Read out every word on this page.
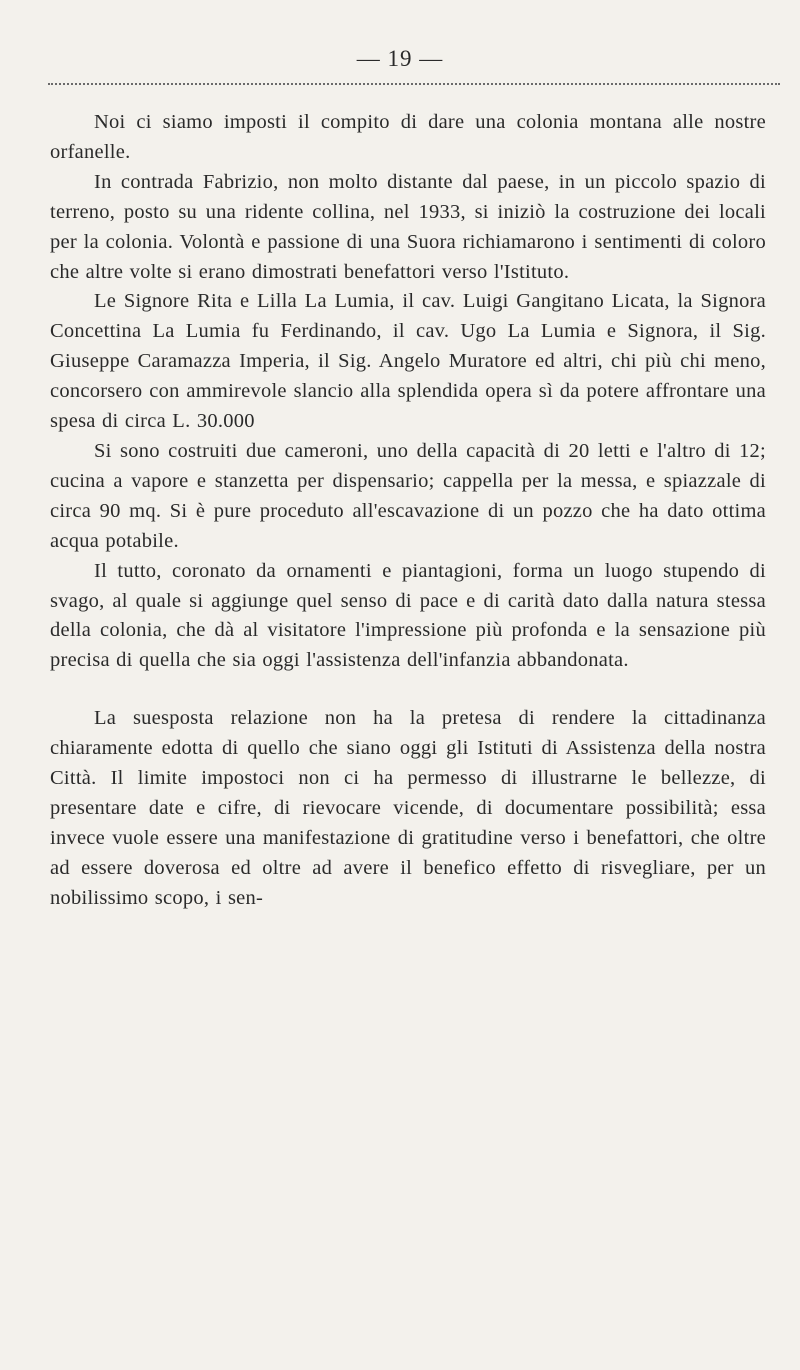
— 19 —

Noi ci siamo imposti il compito di dare una colonia montana alle nostre orfanelle.

In contrada Fabrizio, non molto distante dal paese, in un piccolo spazio di terreno, posto su una ridente collina, nel 1933, si iniziò la costruzione dei locali per la colonia. Volontà e passione di una Suora richiamarono i sentimenti di coloro che altre volte si erano dimostrati benefattori verso l'Istituto.

Le Signore Rita e Lilla La Lumia, il cav. Luigi Gangitano Licata, la Signora Concettina La Lumia fu Ferdinando, il cav. Ugo La Lumia e Signora, il Sig. Giuseppe Caramazza Imperia, il Sig. Angelo Muratore ed altri, chi più chi meno, concorsero con ammirevole slancio alla splendida opera sì da potere affrontare una spesa di circa L. 30.000

Si sono costruiti due cameroni, uno della capacità di 20 letti e l'altro di 12; cucina a vapore e stanzetta per dispensario; cappella per la messa, e spiazzale di circa 90 mq. Si è pure proceduto all'escavazione di un pozzo che ha dato ottima acqua potabile.

Il tutto, coronato da ornamenti e piantagioni, forma un luogo stupendo di svago, al quale si aggiunge quel senso di pace e di carità dato dalla natura stessa della colonia, che dà al visitatore l'impressione più profonda e la sensazione più precisa di quella che sia oggi l'assistenza dell'infanzia abbandonata.

La suesposta relazione non ha la pretesa di rendere la cittadinanza chiaramente edotta di quello che siano oggi gli Istituti di Assistenza della nostra Città. Il limite impostoci non ci ha permesso di illustrarne le bellezze, di presentare date e cifre, di rievocare vicende, di documentare possibilità; essa invece vuole essere una manifestazione di gratitudine verso i benefattori, che oltre ad essere doverosa ed oltre ad avere il benefico effetto di risvegliare, per un nobilissimo scopo, i sen-
